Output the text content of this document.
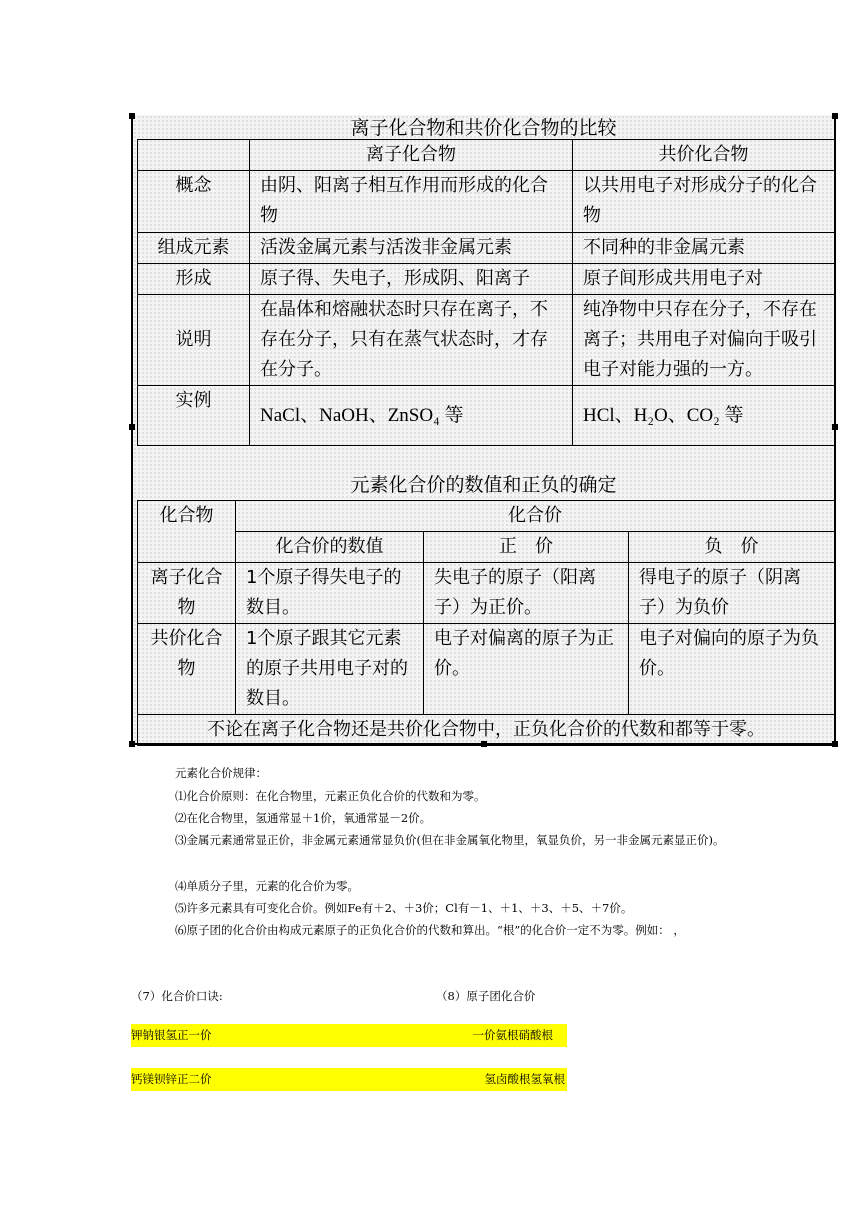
离子化合物和共价化合物的比较
	离子化合物	共价化合物
概念	由阴、阳离子相互作用而形成的化合物	以共用电子对形成分子的化合物
组成元素	活泼金属元素与活泼非金属元素	不同种的非金属元素
形成	原子得、失电子，形成阴、阳离子	原子间形成共用电子对
说明	在晶体和熔融状态时只存在离子，不存在分子，只有在蒸气状态时，才存在分子。	纯净物中只存在分子，不存在离子；共用电子对偏向于吸引电子对能力强的一方。
实例	NaCl、NaOH、ZnSO₄ 等	HCl、H₂O、CO₂ 等
元素化合价的数值和正负的确定
化合物	化合价		
	化合价的数值	正　价	负　价
离子化合物	1个原子得失电子的数目。	失电子的原子（阳离子）为正价。	得电子的原子（阴离子）为负价
共价化合物	1个原子跟其它元素的原子共用电子对的数目。	电子对偏离的原子为正价。	电子对偏向的原子为负价。
不论在离子化合物还是共价化合物中，正负化合价的代数和都等于零。			
元素化合价规律：
⑴化合价原则：在化合物里，元素正负化合价的代数和为零。
⑵在化合物里，氢通常显＋1价，氧通常显－2价。
⑶金属元素通常显正价，非金属元素通常显负价(但在非金属氧化物里，氧显负价，另一非金属元素显正价)。
⑷单质分子里，元素的化合价为零。
⑸许多元素具有可变化合价。例如Fe有＋2、＋3价；Cl有－1、＋1、＋3、＋5、＋7价。
⑹原子团的化合价由构成元素原子的正负化合价的代数和算出。“根”的化合价一定不为零。例如： ，
（7）化合价口诀:	（8）原子团化合价
钾钠银氢正一价	一价氨根硝酸根
钙镁钡锌正二价	氢卤酸根氢氧根
